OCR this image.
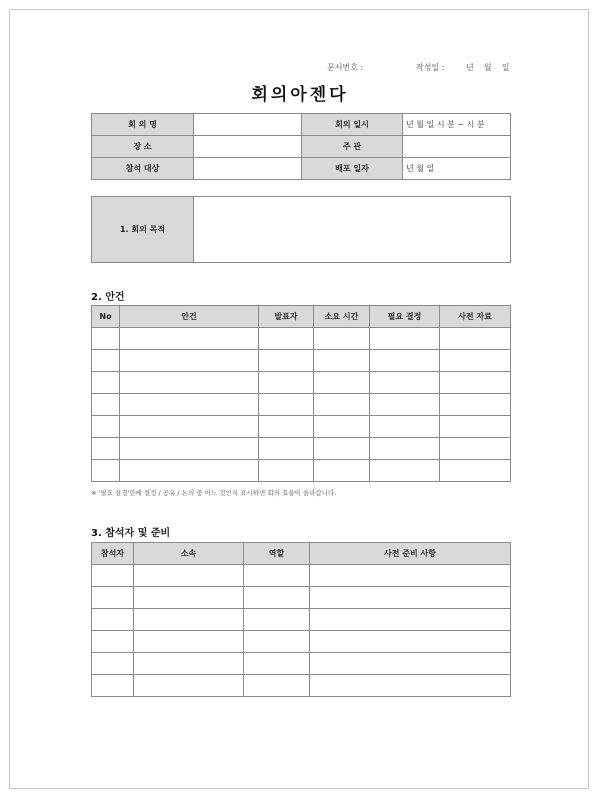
문서번호 :	작성일 :	년    월    일
회의아젠다
회 의 명		회의 일시	년 월 일 시 분 ~ 시 분
장 소		주 관	
참석 대상		배포 일자	년 월 일
1. 회의 목적	
2. 안건
No	안건	발표자	소요 시간	필요 결정	사전 자료

※ '필요 결정'란에 결정 / 공유 / 논의 중 어느 것인지 표시하면 회의 효율이 올라갑니다.
3. 참석자 및 준비
참석자	소속	역할	사전 준비 사항
